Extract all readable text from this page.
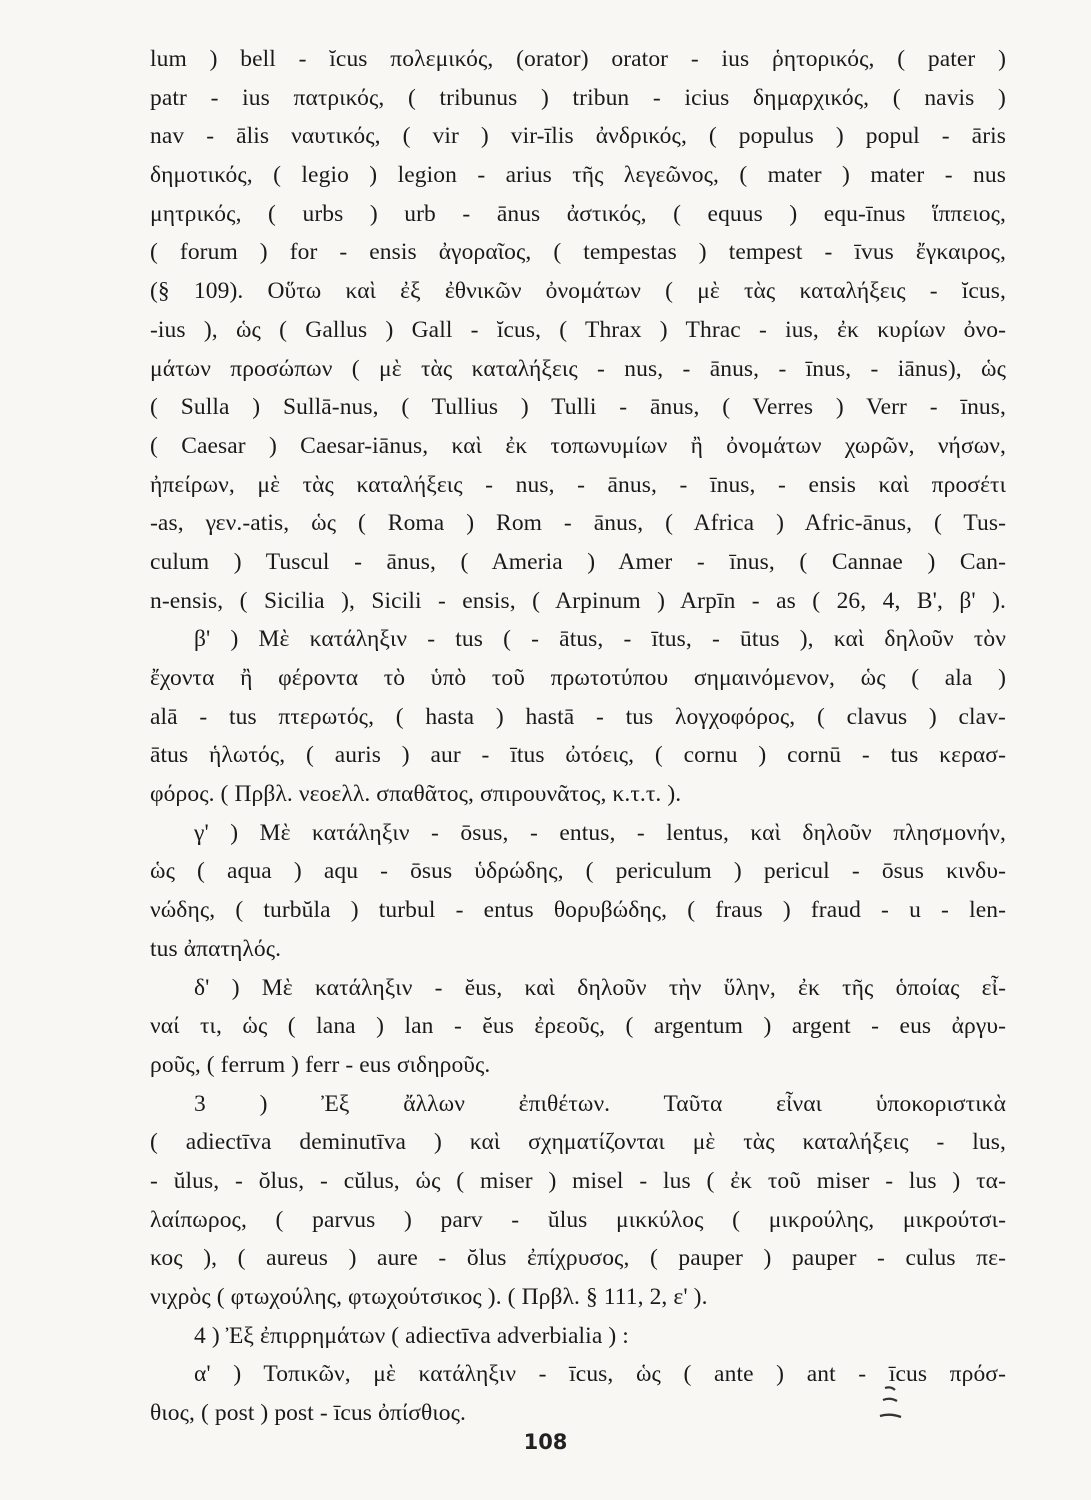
lum ) bell - ĭcus πολεμικός, (orator) orator - ius ῥητορικός, ( pater )
patr - ius πατρικός, ( tribunus ) tribun - icius δημαρχικός, ( navis )
nav - ālis ναυτικός, ( vir ) vir-īlis ἀνδρικός, ( populus ) popul - āris
δημοτικός, ( legio ) legion - arius τῆς λεγεῶνος, ( mater ) mater - nus
μητρικός, ( urbs ) urb - ānus ἀστικός, ( equus ) equ-īnus ἵππειος,
( forum ) for - ensis ἀγοραῖος, ( tempestas ) tempest - īvus ἔγκαιρος,
(§ 109). Οὕτω καὶ ἐξ ἐθνικῶν ὀνομάτων ( μὲ τὰς καταλήξεις - ĭcus,
-ius ), ὡς ( Gallus ) Gall - ĭcus, ( Thrax ) Thrac - ius, ἐκ κυρίων ὀνο-
μάτων προσώπων ( μὲ τὰς καταλήξεις - nus, - ānus, - īnus, - iānus), ὡς
( Sulla ) Sullā-nus, ( Tullius ) Tulli - ānus, ( Verres ) Verr - īnus,
( Caesar ) Caesar-iānus, καὶ ἐκ τοπωνυμίων ἢ ὀνομάτων χωρῶν, νήσων,
ἠπείρων, μὲ τὰς καταλήξεις - nus, - ānus, - īnus, - ensis καὶ προσέτι
-as, γεν.-atis, ὡς ( Roma ) Rom - ānus, ( Africa ) Afric-ānus, ( Tus-
culum ) Tuscul - ānus, ( Ameria ) Amer - īnus, ( Cannae ) Can-
n-ensis, ( Sicilia ), Sicili - ensis, ( Arpinum ) Arpīn - as ( 26, 4, B', β' ).
β' ) Μὲ κατάληξιν - tus ( - ātus, - ītus, - ūtus ), καὶ δηλοῦν τὸν
ἔχοντα ἢ φέροντα τὸ ὑπὸ τοῦ πρωτοτύπου σημαινόμενον, ὡς ( ala )
alā - tus πτερωτός, ( hasta ) hastā - tus λογχοφόρος, ( clavus ) clav-
ātus ἡλωτός, ( auris ) aur - ītus ὠτόεις, ( cornu ) cornū - tus κερασ-
φόρος. ( Πρβλ. νεοελλ. σπαθᾶτος, σπιρουνᾶτος, κ.τ.τ. ).
γ' ) Μὲ κατάληξιν - ōsus, - entus, - lentus, καὶ δηλοῦν πλησμονήν,
ὡς ( aqua ) aqu - ōsus ὑδρώδης, ( periculum ) pericul - ōsus κινδυ-
νώδης, ( turbŭla ) turbul - entus θορυβώδης, ( fraus ) fraud - u - len-
tus ἀπατηλός.
δ' ) Μὲ κατάληξιν - ĕus, καὶ δηλοῦν τὴν ὕλην, ἐκ τῆς ὁποίας εἶ-
ναί τι, ὡς ( lana ) lan - ĕus ἐρεοῦς, ( argentum ) argent - eus ἀργυ-
ροῦς, ( ferrum ) ferr - eus σιδηροῦς.
3 ) Ἐξ ἄλλων ἐπιθέτων. Ταῦτα εἶναι ὑποκοριστικὰ
( adiectīva deminutīva ) καὶ σχηματίζονται μὲ τὰς καταλήξεις - lus,
- ŭlus, - ŏlus, - cŭlus, ὡς ( miser ) misel - lus ( ἐκ τοῦ miser - lus ) τα-
λαίπωρος, ( parvus ) parv - ŭlus μικκύλος ( μικρούλης, μικρούτσι-
κος ), ( aureus ) aure - ŏlus ἐπίχρυσος, ( pauper ) pauper - culus πε-
νιχρὸς ( φτωχούλης, φτωχούτσικος ). ( Πρβλ. § 111, 2, ε' ).
4 ) Ἐξ ἐπιρρημάτων ( adiectīva adverbialia ) :
α' ) Τοπικῶν, μὲ κατάληξιν - īcus, ὡς ( ante ) ant - īcus πρόσ-
θιος, ( post ) post - īcus ὀπίσθιος.
108
